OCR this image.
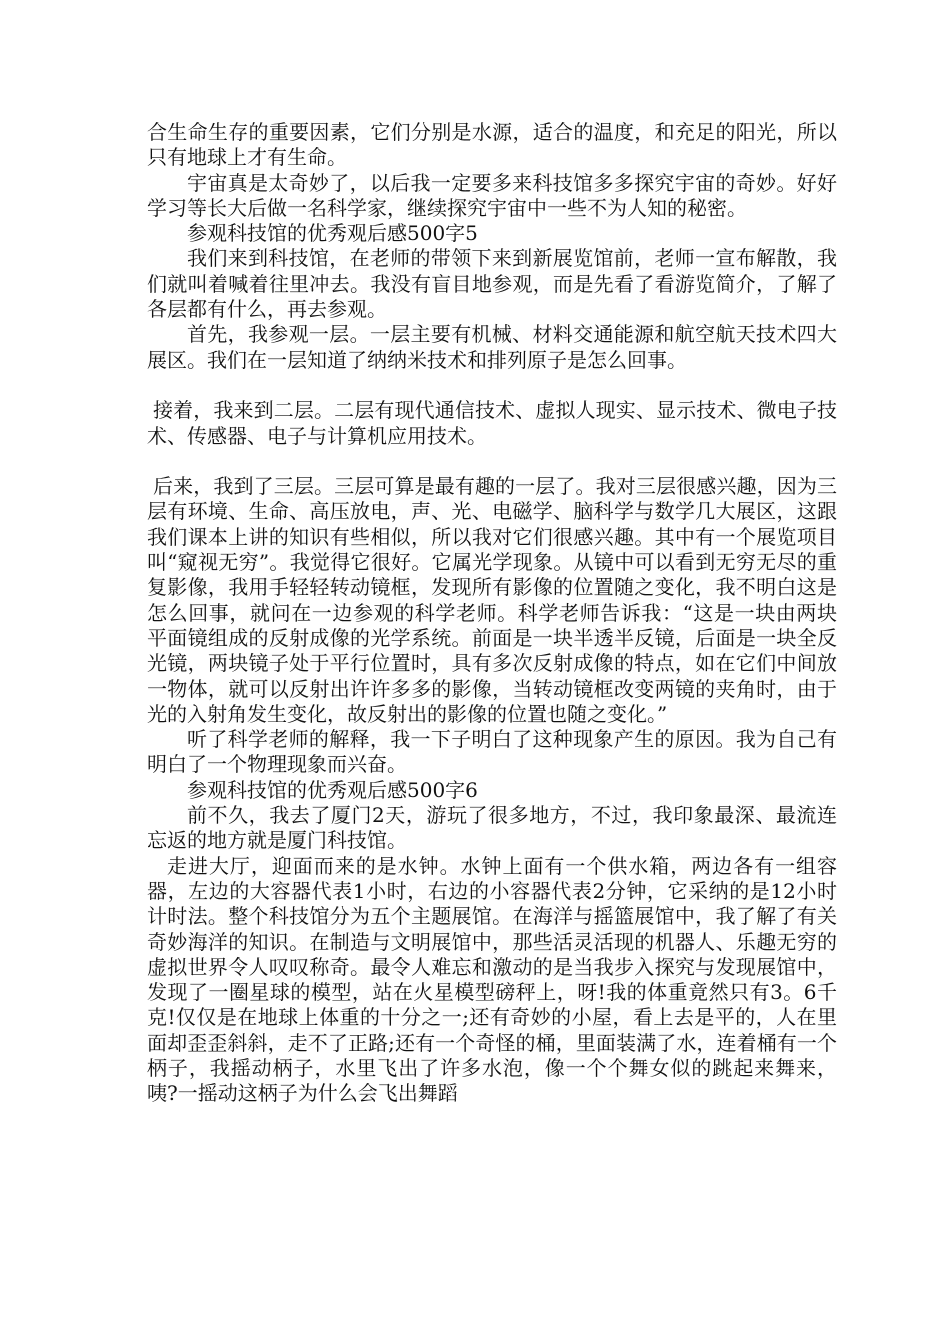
合生命生存的重要因素，它们分别是水源，适合的温度，和充足的阳光，所以只有地球上才有生命。

宇宙真是太奇妙了，以后我一定要多来科技馆多多探究宇宙的奇妙。好好学习等长大后做一名科学家，继续探究宇宙中一些不为人知的秘密。

参观科技馆的优秀观后感500字5

我们来到科技馆，在老师的带领下来到新展览馆前，老师一宣布解散，我们就叫着喊着往里冲去。我没有盲目地参观，而是先看了看游览简介，了解了各层都有什么，再去参观。

首先，我参观一层。一层主要有机械、材料交通能源和航空航天技术四大展区。我们在一层知道了纳纳米技术和排列原子是怎么回事。

接着，我来到二层。二层有现代通信技术、虚拟人现实、显示技术、微电子技术、传感器、电子与计算机应用技术。

后来，我到了三层。三层可算是最有趣的一层了。我对三层很感兴趣，因为三层有环境、生命、高压放电，声、光、电磁学、脑科学与数学几大展区，这跟我们课本上讲的知识有些相似，所以我对它们很感兴趣。其中有一个展览项目叫“窥视无穷”。我觉得它很好。它属光学现象。从镜中可以看到无穷无尽的重复影像，我用手轻轻转动镜框，发现所有影像的位置随之变化，我不明白这是怎么回事，就问在一边参观的科学老师。科学老师告诉我：“这是一块由两块平面镜组成的反射成像的光学系统。前面是一块半透半反镜，后面是一块全反光镜，两块镜子处于平行位置时，具有多次反射成像的特点，如在它们中间放一物体，就可以反射出许许多多的影像，当转动镜框改变两镜的夹角时，由于光的入射角发生变化，故反射出的影像的位置也随之变化。”

听了科学老师的解释，我一下子明白了这种现象产生的原因。我为自己有明白了一个物理现象而兴奋。

参观科技馆的优秀观后感500字6

前不久，我去了厦门2天，游玩了很多地方，不过，我印象最深、最流连忘返的地方就是厦门科技馆。

走进大厅，迎面而来的是水钟。水钟上面有一个供水箱，两边各有一组容器，左边的大容器代表1小时，右边的小容器代表2分钟，它采纳的是12小时计时法。整个科技馆分为五个主题展馆。在海洋与摇篮展馆中，我了解了有关奇妙海洋的知识。在制造与文明展馆中，那些活灵活现的机器人、乐趣无穷的虚拟世界令人叹叹称奇。最令人难忘和激动的是当我步入探究与发现展馆中，发现了一圈星球的模型，站在火星模型磅秤上，呀!我的体重竟然只有3。6千克!仅仅是在地球上体重的十分之一;还有奇妙的小屋，看上去是平的，人在里面却歪歪斜斜，走不了正路;还有一个奇怪的桶，里面装满了水，连着桶有一个柄子，我摇动柄子，水里飞出了许多水泡，像一个个舞女似的跳起来舞来，咦?一摇动这柄子为什么会飞出舞蹈
